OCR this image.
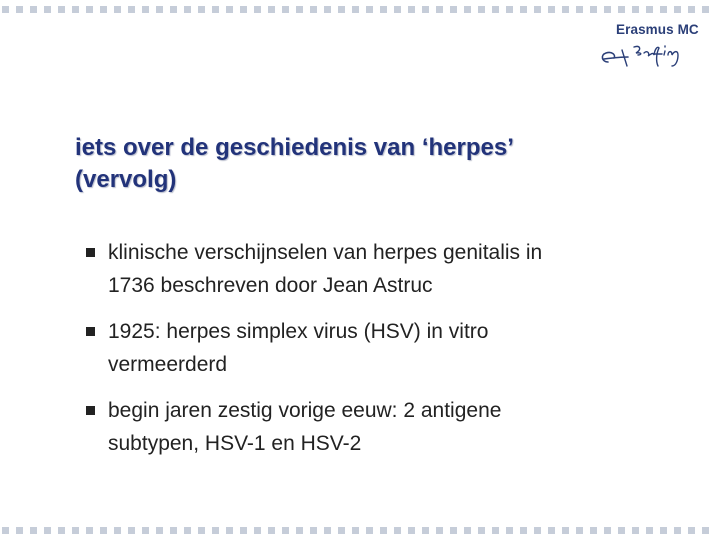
Erasmus MC
iets over de geschiedenis van ‘herpes’
(vervolg)
klinische verschijnselen van herpes genitalis in
1736 beschreven door Jean Astruc
1925: herpes simplex virus (HSV) in vitro
vermeerderd
begin jaren zestig vorige eeuw: 2 antigene
subtypen, HSV-1 en HSV-2
